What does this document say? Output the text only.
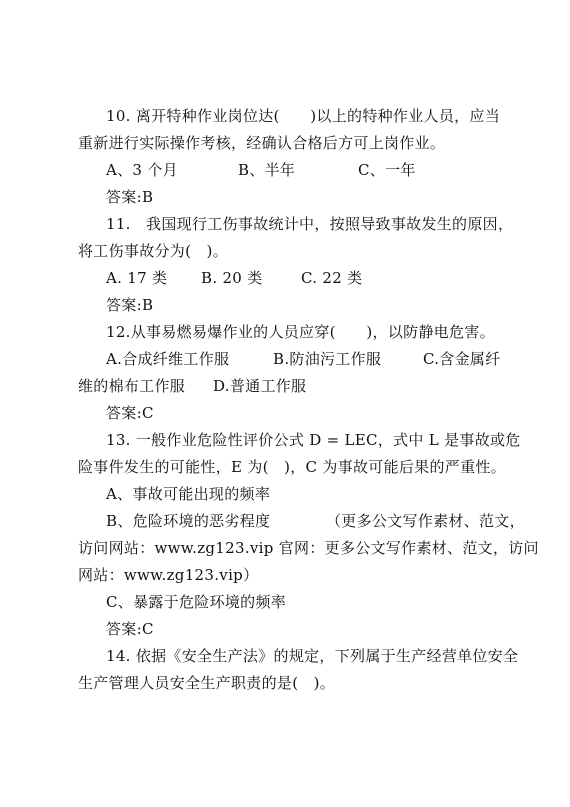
10. 离开特种作业岗位达(　　)以上的特种作业人员，应当
重新进行实际操作考核，经确认合格后方可上岗作业。
A、3 个月	B、半年	C、一年
答案:B
11.　我国现行工伤事故统计中，按照导致事故发生的原因，
将工伤事故分为(　)。
A. 17 类 B. 20 类	C. 22 类
答案:B
12.从事易燃易爆作业的人员应穿(　　)，以防静电危害。
A.合成纤维工作服	B.防油污工作服	C.含金属纤
维的棉布工作服 D.普通工作服
答案:C
13. 一般作业危险性评价公式 D = LEC，式中 L 是事故或危
险事件发生的可能性，E 为(　)，C 为事故可能后果的严重性。
A、事故可能出现的频率
B、危险环境的恶劣程度	（更多公文写作素材、范文，
访问网站：www.zg123.vip 官网：更多公文写作素材、范文，访问
网站：www.zg123.vip）
C、暴露于危险环境的频率
答案:C
14. 依据《安全生产法》的规定，下列属于生产经营单位安全
生产管理人员安全生产职责的是(　)。
